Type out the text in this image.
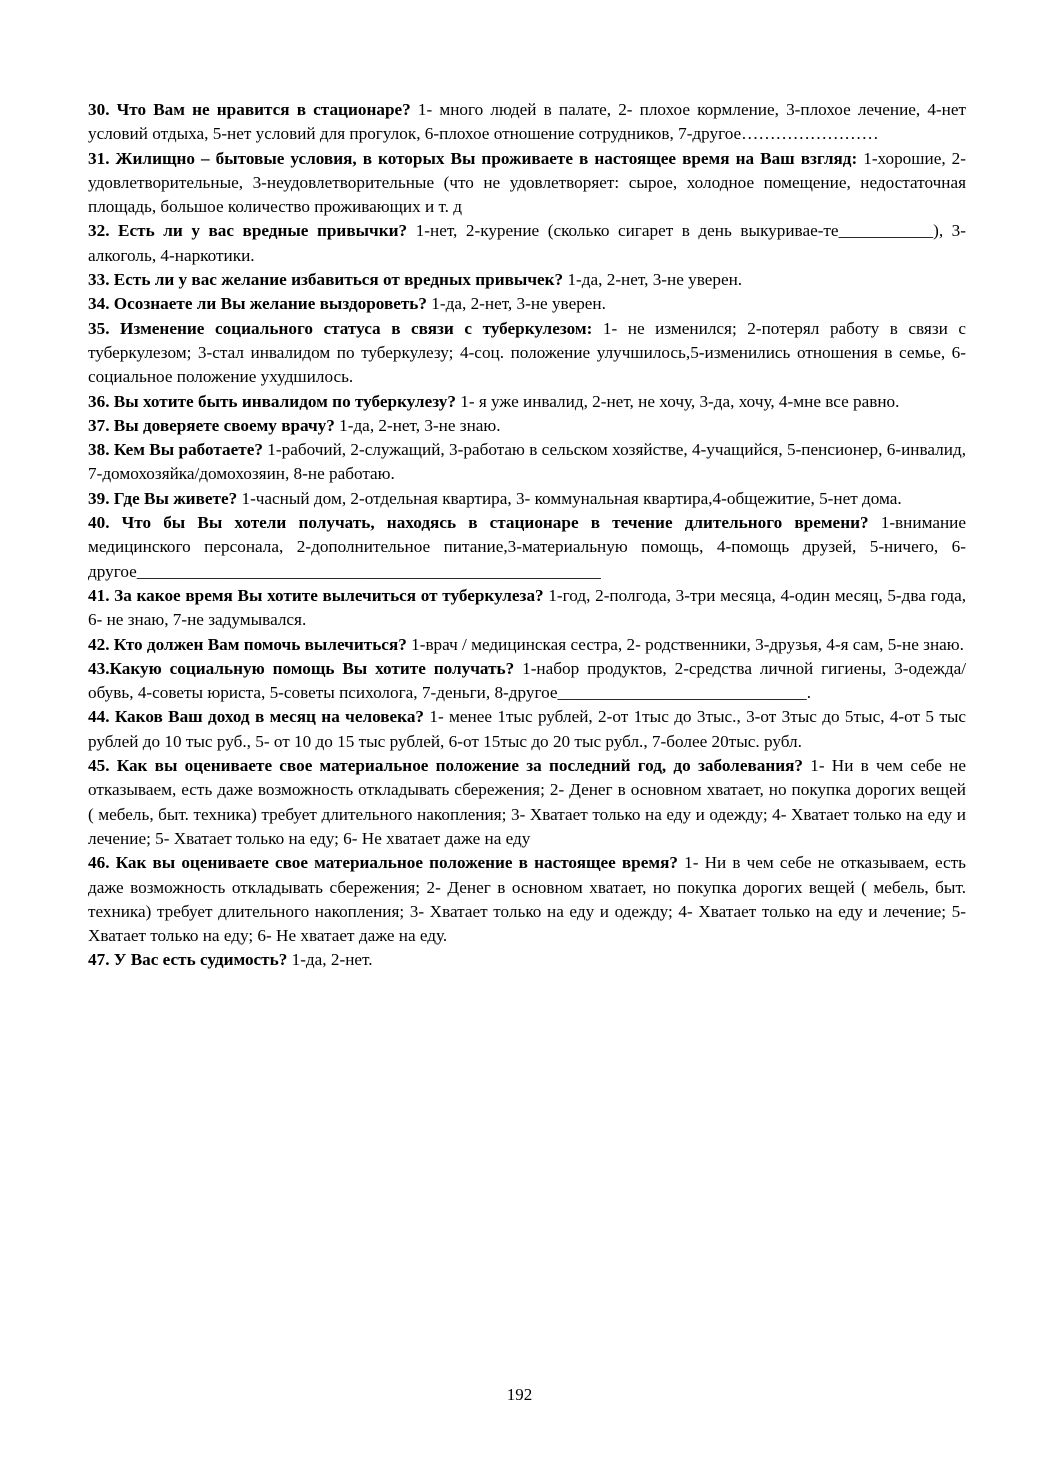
30. Что Вам не нравится в стационаре? 1- много людей в палате, 2- плохое кормление, 3-плохое лечение, 4-нет условий отдыха, 5-нет условий для прогулок, 6-плохое отношение сотрудников, 7-другое……………………

31. Жилищно – бытовые условия, в которых Вы проживаете в настоящее время на Ваш взгляд: 1-хорошие, 2-удовлетворительные, 3-неудовлетворительные (что не удовлетворяет: сырое, холодное помещение, недостаточная площадь, большое количество проживающих и т. д

32. Есть ли у вас вредные привычки? 1-нет, 2-курение (сколько сигарет в день выкуривае-те___________), 3-алкоголь, 4-наркотики.

33. Есть ли у вас желание избавиться от вредных привычек? 1-да, 2-нет, 3-не уверен.

34. Осознаете ли Вы желание выздороветь? 1-да, 2-нет, 3-не уверен.

35. Изменение социального статуса в связи с туберкулезом: 1- не изменился; 2-потерял работу в связи с туберкулезом; 3-стал инвалидом по туберкулезу; 4-соц. положение улучшилось,5-изменились отношения в семье, 6-социальное положение ухудшилось.

36. Вы хотите быть инвалидом по туберкулезу? 1- я уже инвалид, 2-нет, не хочу, 3-да, хочу, 4-мне все равно.

37. Вы доверяете своему врачу? 1-да, 2-нет, 3-не знаю.

38. Кем Вы работаете? 1-рабочий, 2-служащий, 3-работаю в сельском хозяйстве, 4-учащийся, 5-пенсионер, 6-инвалид, 7-домохозяйка/домохозяин, 8-не работаю.

39. Где Вы живете? 1-часный дом, 2-отдельная квартира, 3- коммунальная квартира,4-общежитие, 5-нет дома.

40. Что бы Вы хотели получать, находясь в стационаре в течение длительного времени? 1-внимание медицинского персонала, 2-дополнительное питание,3-материальную помощь, 4-помощь друзей, 5-ничего, 6-другое______________________________________________________

41. За какое время Вы хотите вылечиться от туберкулеза? 1-год, 2-полгода, 3-три месяца, 4-один месяц, 5-два года, 6- не знаю, 7-не задумывался.

42. Кто должен Вам помочь вылечиться? 1-врач / медицинская сестра, 2- родственники, 3-друзья, 4-я сам, 5-не знаю.

43.Какую социальную помощь Вы хотите получать? 1-набор продуктов, 2-средства личной гигиены, 3-одежда/обувь, 4-советы юриста, 5-советы психолога, 7-деньги, 8-другое_____________________________.

44. Каков Ваш доход в месяц на человека? 1- менее 1тыс рублей, 2-от 1тыс до 3тыс., 3-от 3тыс до 5тыс, 4-от 5 тыс рублей до 10 тыс руб., 5- от 10 до 15 тыс рублей, 6-от 15тыс до 20 тыс рубл., 7-более 20тыс. рубл.

45. Как вы оцениваете свое материальное положение за последний год, до заболевания? 1- Ни в чем себе не отказываем, есть даже возможность откладывать сбережения; 2- Денег в основном хватает, но покупка дорогих вещей ( мебель, быт. техника) требует длительного накопления; 3- Хватает только на еду и одежду; 4- Хватает только на еду и лечение; 5- Хватает только на еду; 6- Не хватает даже на еду

46. Как вы оцениваете свое материальное положение в настоящее время? 1- Ни в чем себе не отказываем, есть даже возможность откладывать сбережения; 2- Денег в основном хватает, но покупка дорогих вещей ( мебель, быт. техника) требует длительного накопления; 3- Хватает только на еду и одежду; 4- Хватает только на еду и лечение; 5- Хватает только на еду; 6- Не хватает даже на еду.

47. У Вас есть судимость? 1-да, 2-нет.

192
